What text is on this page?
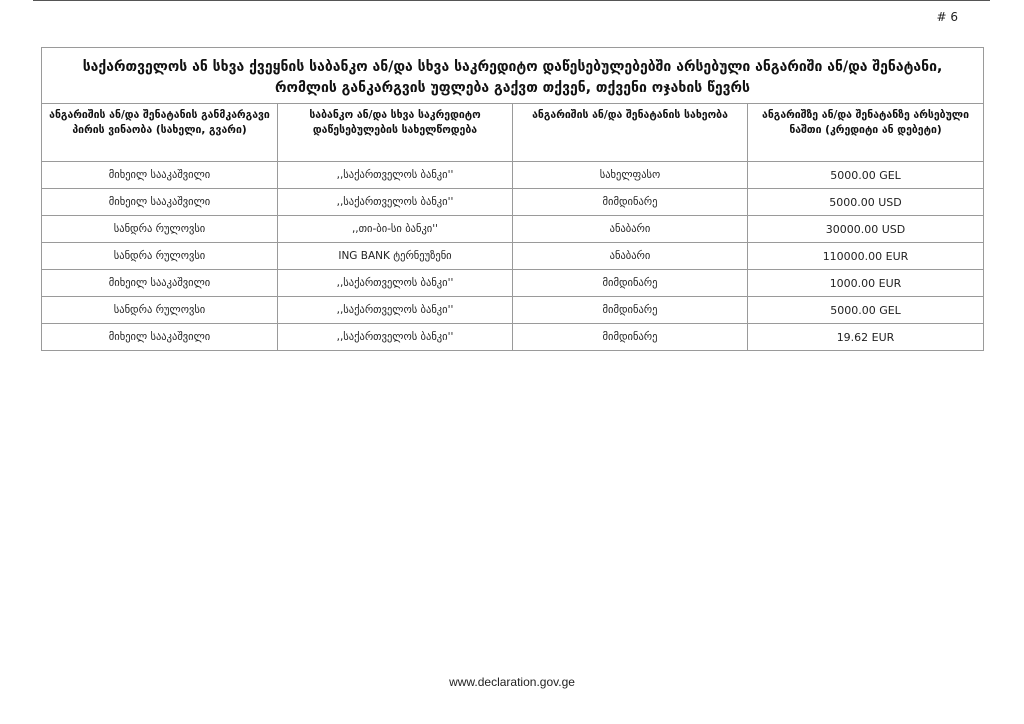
# 6
საქართველოს ან სხვა ქვეყნის საბანკო ან/და სხვა საკრედიტო დაწესებულებებში არსებული ანგარიში ან/და შენატანი,
რომლის განკარგვის უფლება გაქვთ თქვენ, თქვენი ოჯახის წევრს			

ანგარიშის ან/და შენატანის განმკარგავი პირის ვინაობა (სახელი, გვარი)	საბანკო ან/და სხვა საკრედიტო დაწესებულების სახელწოდება	ანგარიშის ან/და შენატანის სახეობა	ანგარიშზე ან/და შენატანზე არსებული ნაშთი (კრედიტი ან დებეტი)
მიხეილ სააკაშვილი	,,საქართველოს ბანკი''	სახელფასო	5000.00 GEL
მიხეილ სააკაშვილი	,,საქართველოს ბანკი''	მიმდინარე	5000.00 USD
სანდრა რულოვსი	,,თი-ბი-სი ბანკი''	ანაბარი	30000.00 USD
სანდრა რულოვსი	ING BANK ტერნეუზენი	ანაბარი	110000.00 EUR
მიხეილ სააკაშვილი	,,საქართველოს ბანკი''	მიმდინარე	1000.00 EUR
სანდრა რულოვსი	,,საქართველოს ბანკი''	მიმდინარე	5000.00 GEL
მიხეილ სააკაშვილი	,,საქართველოს ბანკი''	მიმდინარე	19.62 EUR
www.declaration.gov.ge
